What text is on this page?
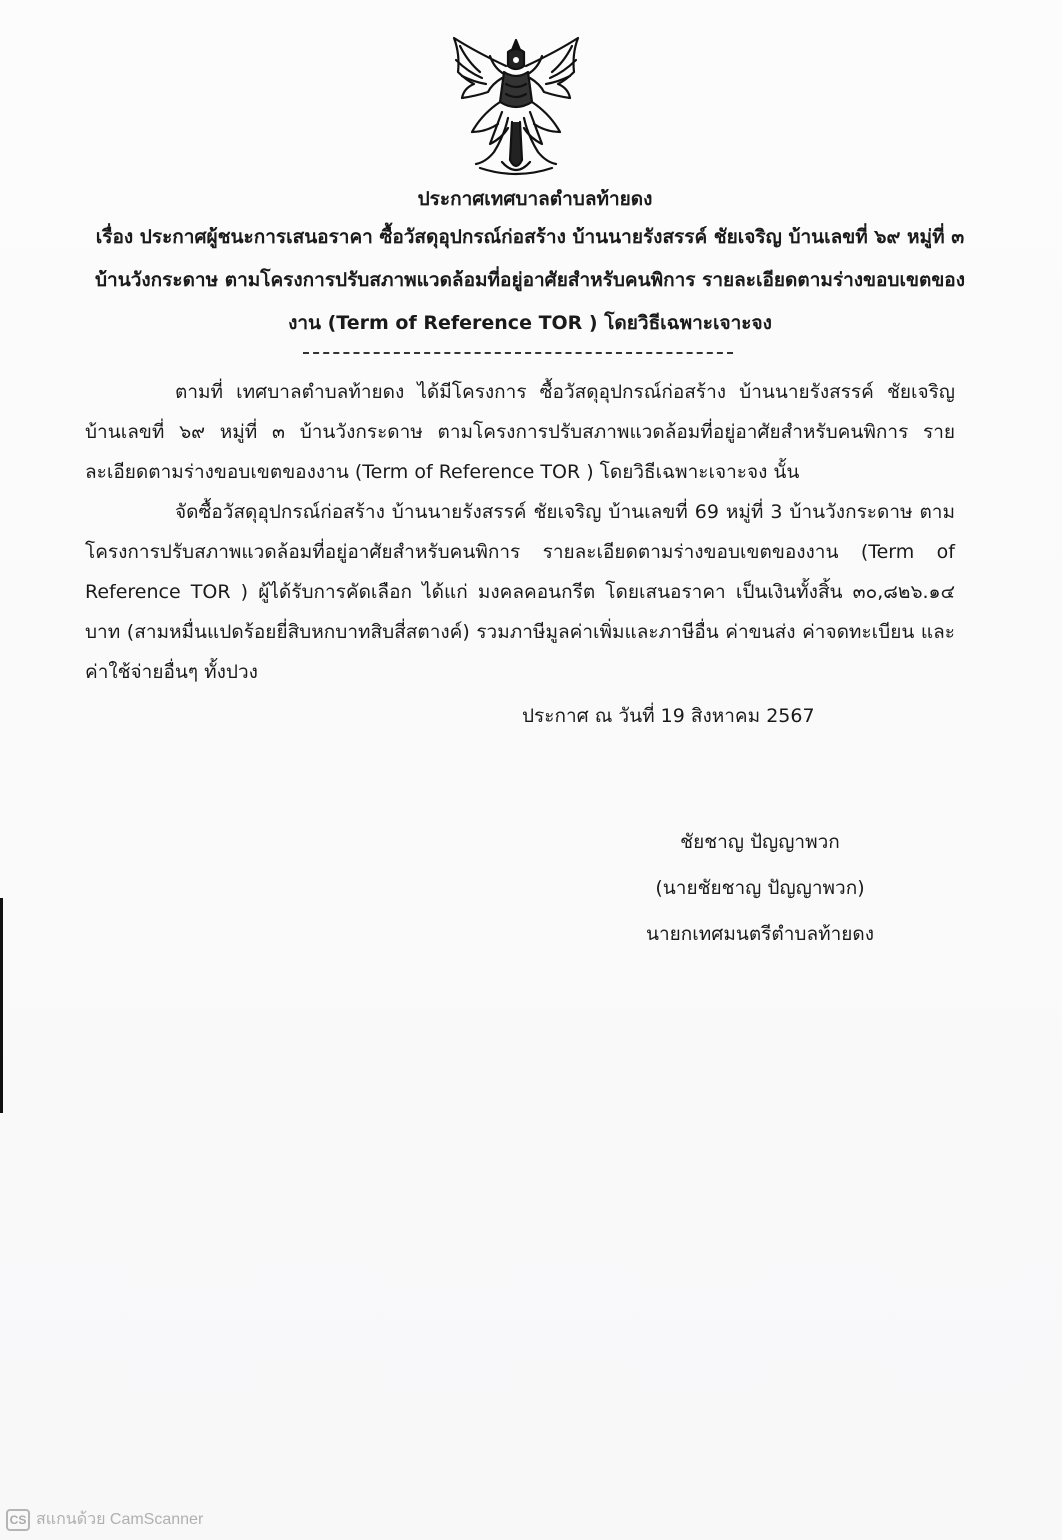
ประกาศเทศบาลตำบลท้ายดง
เรื่อง ประกาศผู้ชนะการเสนอราคา ซื้อวัสดุอุปกรณ์ก่อสร้าง บ้านนายรังสรรค์ ชัยเจริญ บ้านเลขที่ ๖๙ หมู่ที่ ๓ บ้านวังกระดาษ ตามโครงการปรับสภาพแวดล้อมที่อยู่อาศัยสำหรับคนพิการ รายละเอียดตามร่างขอบเขตของงาน (Term of Reference TOR ) โดยวิธีเฉพาะเจาะจง
ตามที่ เทศบาลตำบลท้ายดง ได้มีโครงการ ซื้อวัสดุอุปกรณ์ก่อสร้าง บ้านนายรังสรรค์ ชัยเจริญ บ้านเลขที่ ๖๙ หมู่ที่ ๓ บ้านวังกระดาษ ตามโครงการปรับสภาพแวดล้อมที่อยู่อาศัยสำหรับคนพิการ รายละเอียดตามร่างขอบเขตของงาน (Term of Reference TOR ) โดยวิธีเฉพาะเจาะจง นั้น
จัดซื้อวัสดุอุปกรณ์ก่อสร้าง บ้านนายรังสรรค์ ชัยเจริญ บ้านเลขที่ 69 หมู่ที่ 3 บ้านวังกระดาษ ตามโครงการปรับสภาพแวดล้อมที่อยู่อาศัยสำหรับคนพิการ รายละเอียดตามร่างขอบเขตของงาน (Term of Reference TOR ) ผู้ได้รับการคัดเลือก ได้แก่ มงคลคอนกรีต โดยเสนอราคา เป็นเงินทั้งสิ้น ๓๐,๘๒๖.๑๔ บาท (สามหมื่นแปดร้อยยี่สิบหกบาทสิบสี่สตางค์) รวมภาษีมูลค่าเพิ่มและภาษีอื่น ค่าขนส่ง ค่าจดทะเบียน และค่าใช้จ่ายอื่นๆ ทั้งปวง
ประกาศ ณ วันที่ 19 สิงหาคม 2567
ชัยชาญ ปัญญาพวก
(นายชัยชาญ ปัญญาพวก)
นายกเทศมนตรีตำบลท้ายดง
CS สแกนด้วย CamScanner
